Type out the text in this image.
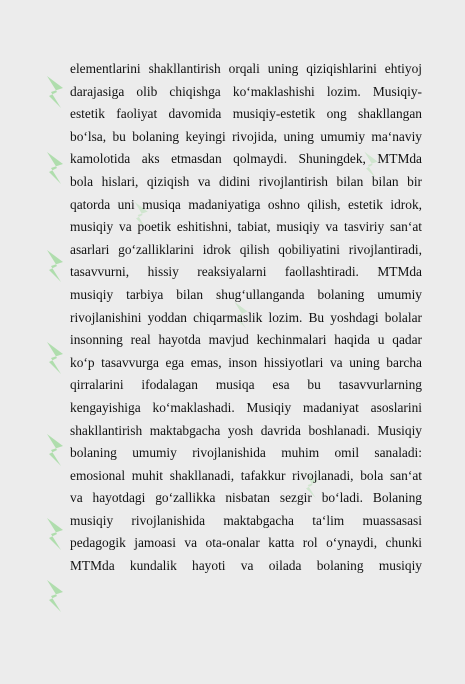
elementlarini shakllantirish orqali uning qiziqishlarini ehtiyoj
darajasiga olib chiqishga ko‘maklashishi lozim. Musiqiy-
estetik faoliyat davomida musiqiy-estetik ong shakllangan
bo‘lsa, bu bolaning keyingi rivojida, uning umumiy ma‘naviy
kamolotida aks etmasdan qolmaydi. Shuningdek, MTMda
bola hislari, qiziqish va didini rivojlantirish bilan bilan bir
qatorda uni musiqa madaniyatiga oshno qilish, estetik idrok,
musiqiy va poetik eshitishni, tabiat, musiqiy va tasviriy san‘at
asarlari go‘zalliklarini idrok qilish qobiliyatini rivojlantiradi,
tasavvurni, hissiy reaksiyalarni faollashtiradi. MTMda
musiqiy tarbiya bilan shug‘ullanganda bolaning umumiy
rivojlanishini yoddan chiqarmaslik lozim. Bu yoshdagi bolalar
insonning real hayotda mavjud kechinmalari haqida u qadar
ko‘p tasavvurga ega emas, inson hissiyotlari va uning barcha
qirralarini ifodalagan musiqa esa bu tasavvurlarning
kengayishiga ko‘maklashadi. Musiqiy madaniyat asoslarini
shakllantirish maktabgacha yosh davrida boshlanadi. Musiqiy
bolaning umumiy rivojlanishida muhim omil sanaladi:
emosional muhit shakllanadi, tafakkur rivojlanadi, bola san‘at
va hayotdagi go‘zallikka nisbatan sezgir bo‘ladi. Bolaning
musiqiy rivojlanishida maktabgacha ta‘lim muassasasi
pedagogik jamoasi va ota-onalar katta rol o‘ynaydi, chunki
MTMda kundalik hayoti va oilada bolaning musiqiy
